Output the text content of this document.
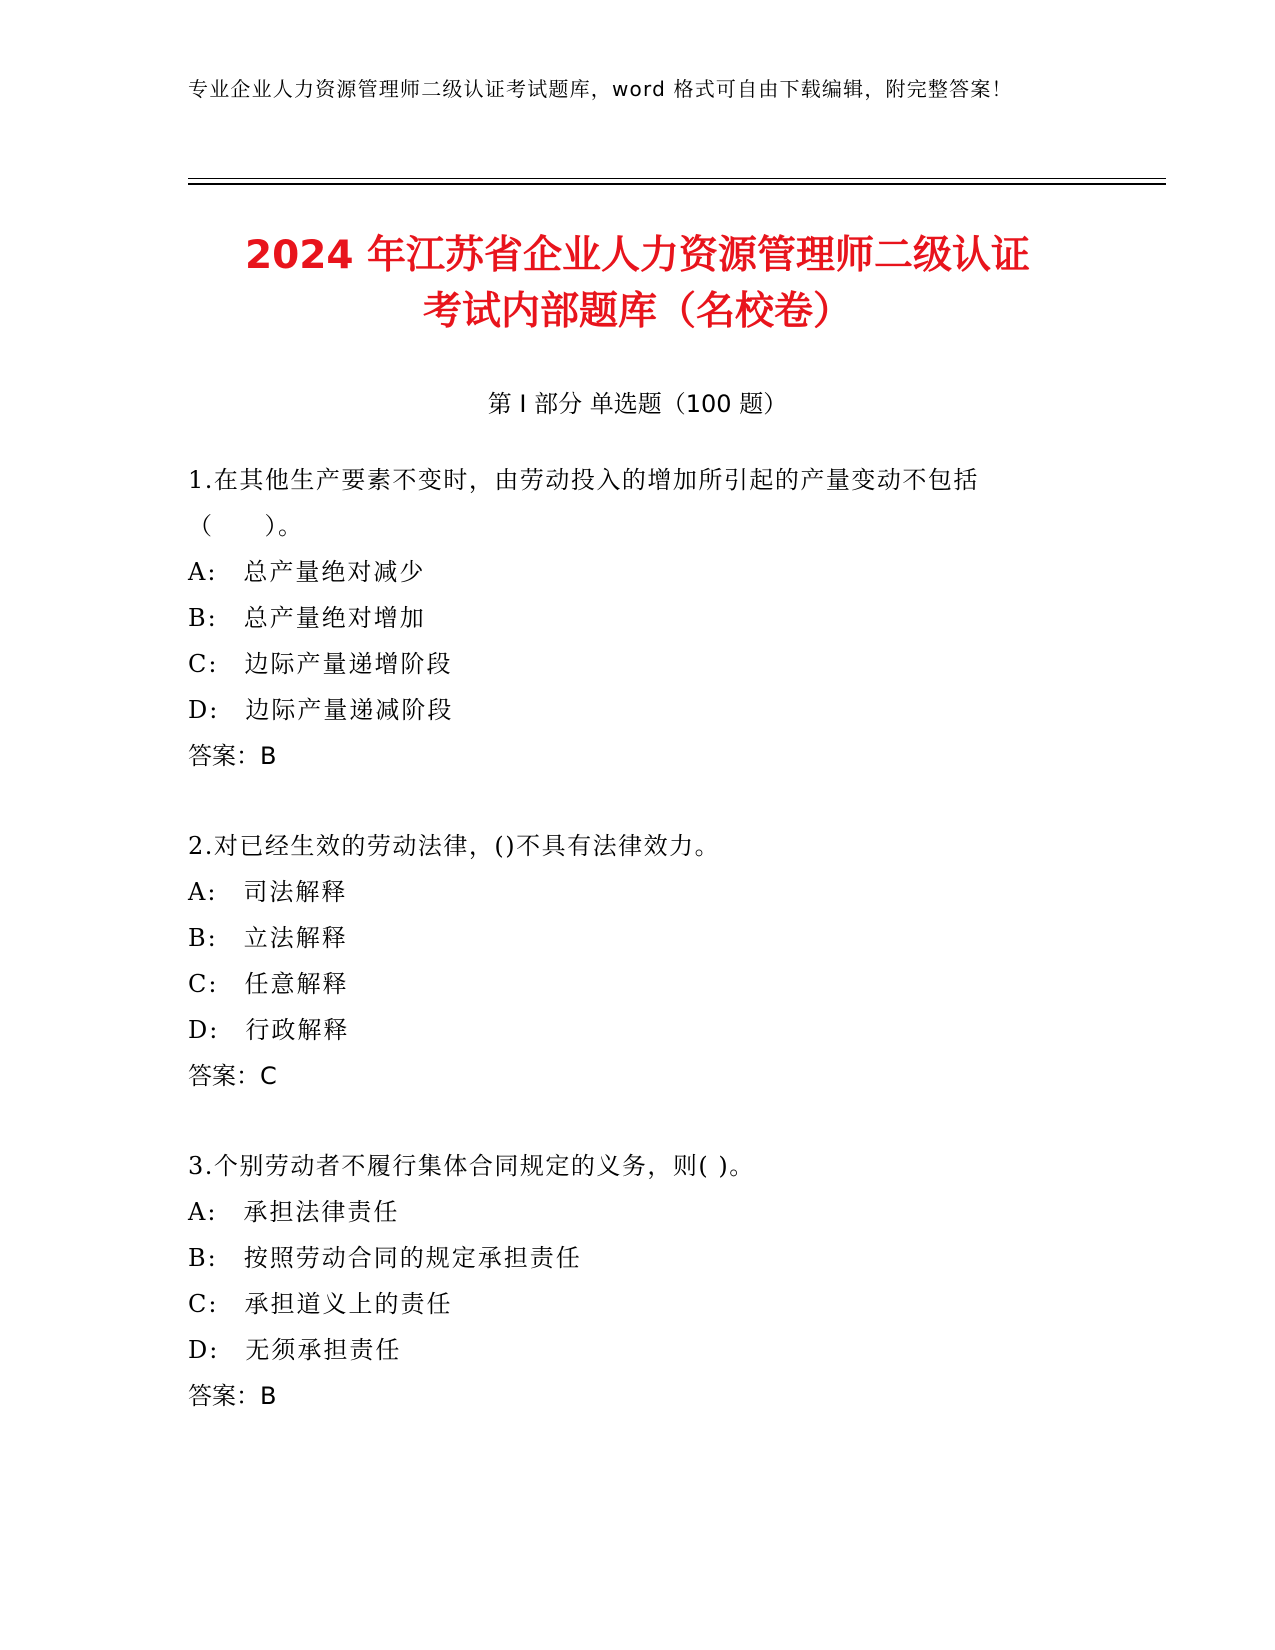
专业企业人力资源管理师二级认证考试题库，word 格式可自由下载编辑，附完整答案！
2024 年江苏省企业人力资源管理师二级认证
考试内部题库（名校卷）
第 I 部分 单选题（100 题）
1.在其他生产要素不变时，由劳动投入的增加所引起的产量变动不包括（　　）。
A:　总产量绝对减少
B:　总产量绝对增加
C:　边际产量递增阶段
D:　边际产量递减阶段
答案：B
2.对已经生效的劳动法律，()不具有法律效力。
A:　司法解释
B:　立法解释
C:　任意解释
D:　行政解释
答案：C
3.个别劳动者不履行集体合同规定的义务，则( )。
A:　承担法律责任
B:　按照劳动合同的规定承担责任
C:　承担道义上的责任
D:　无须承担责任
答案：B
